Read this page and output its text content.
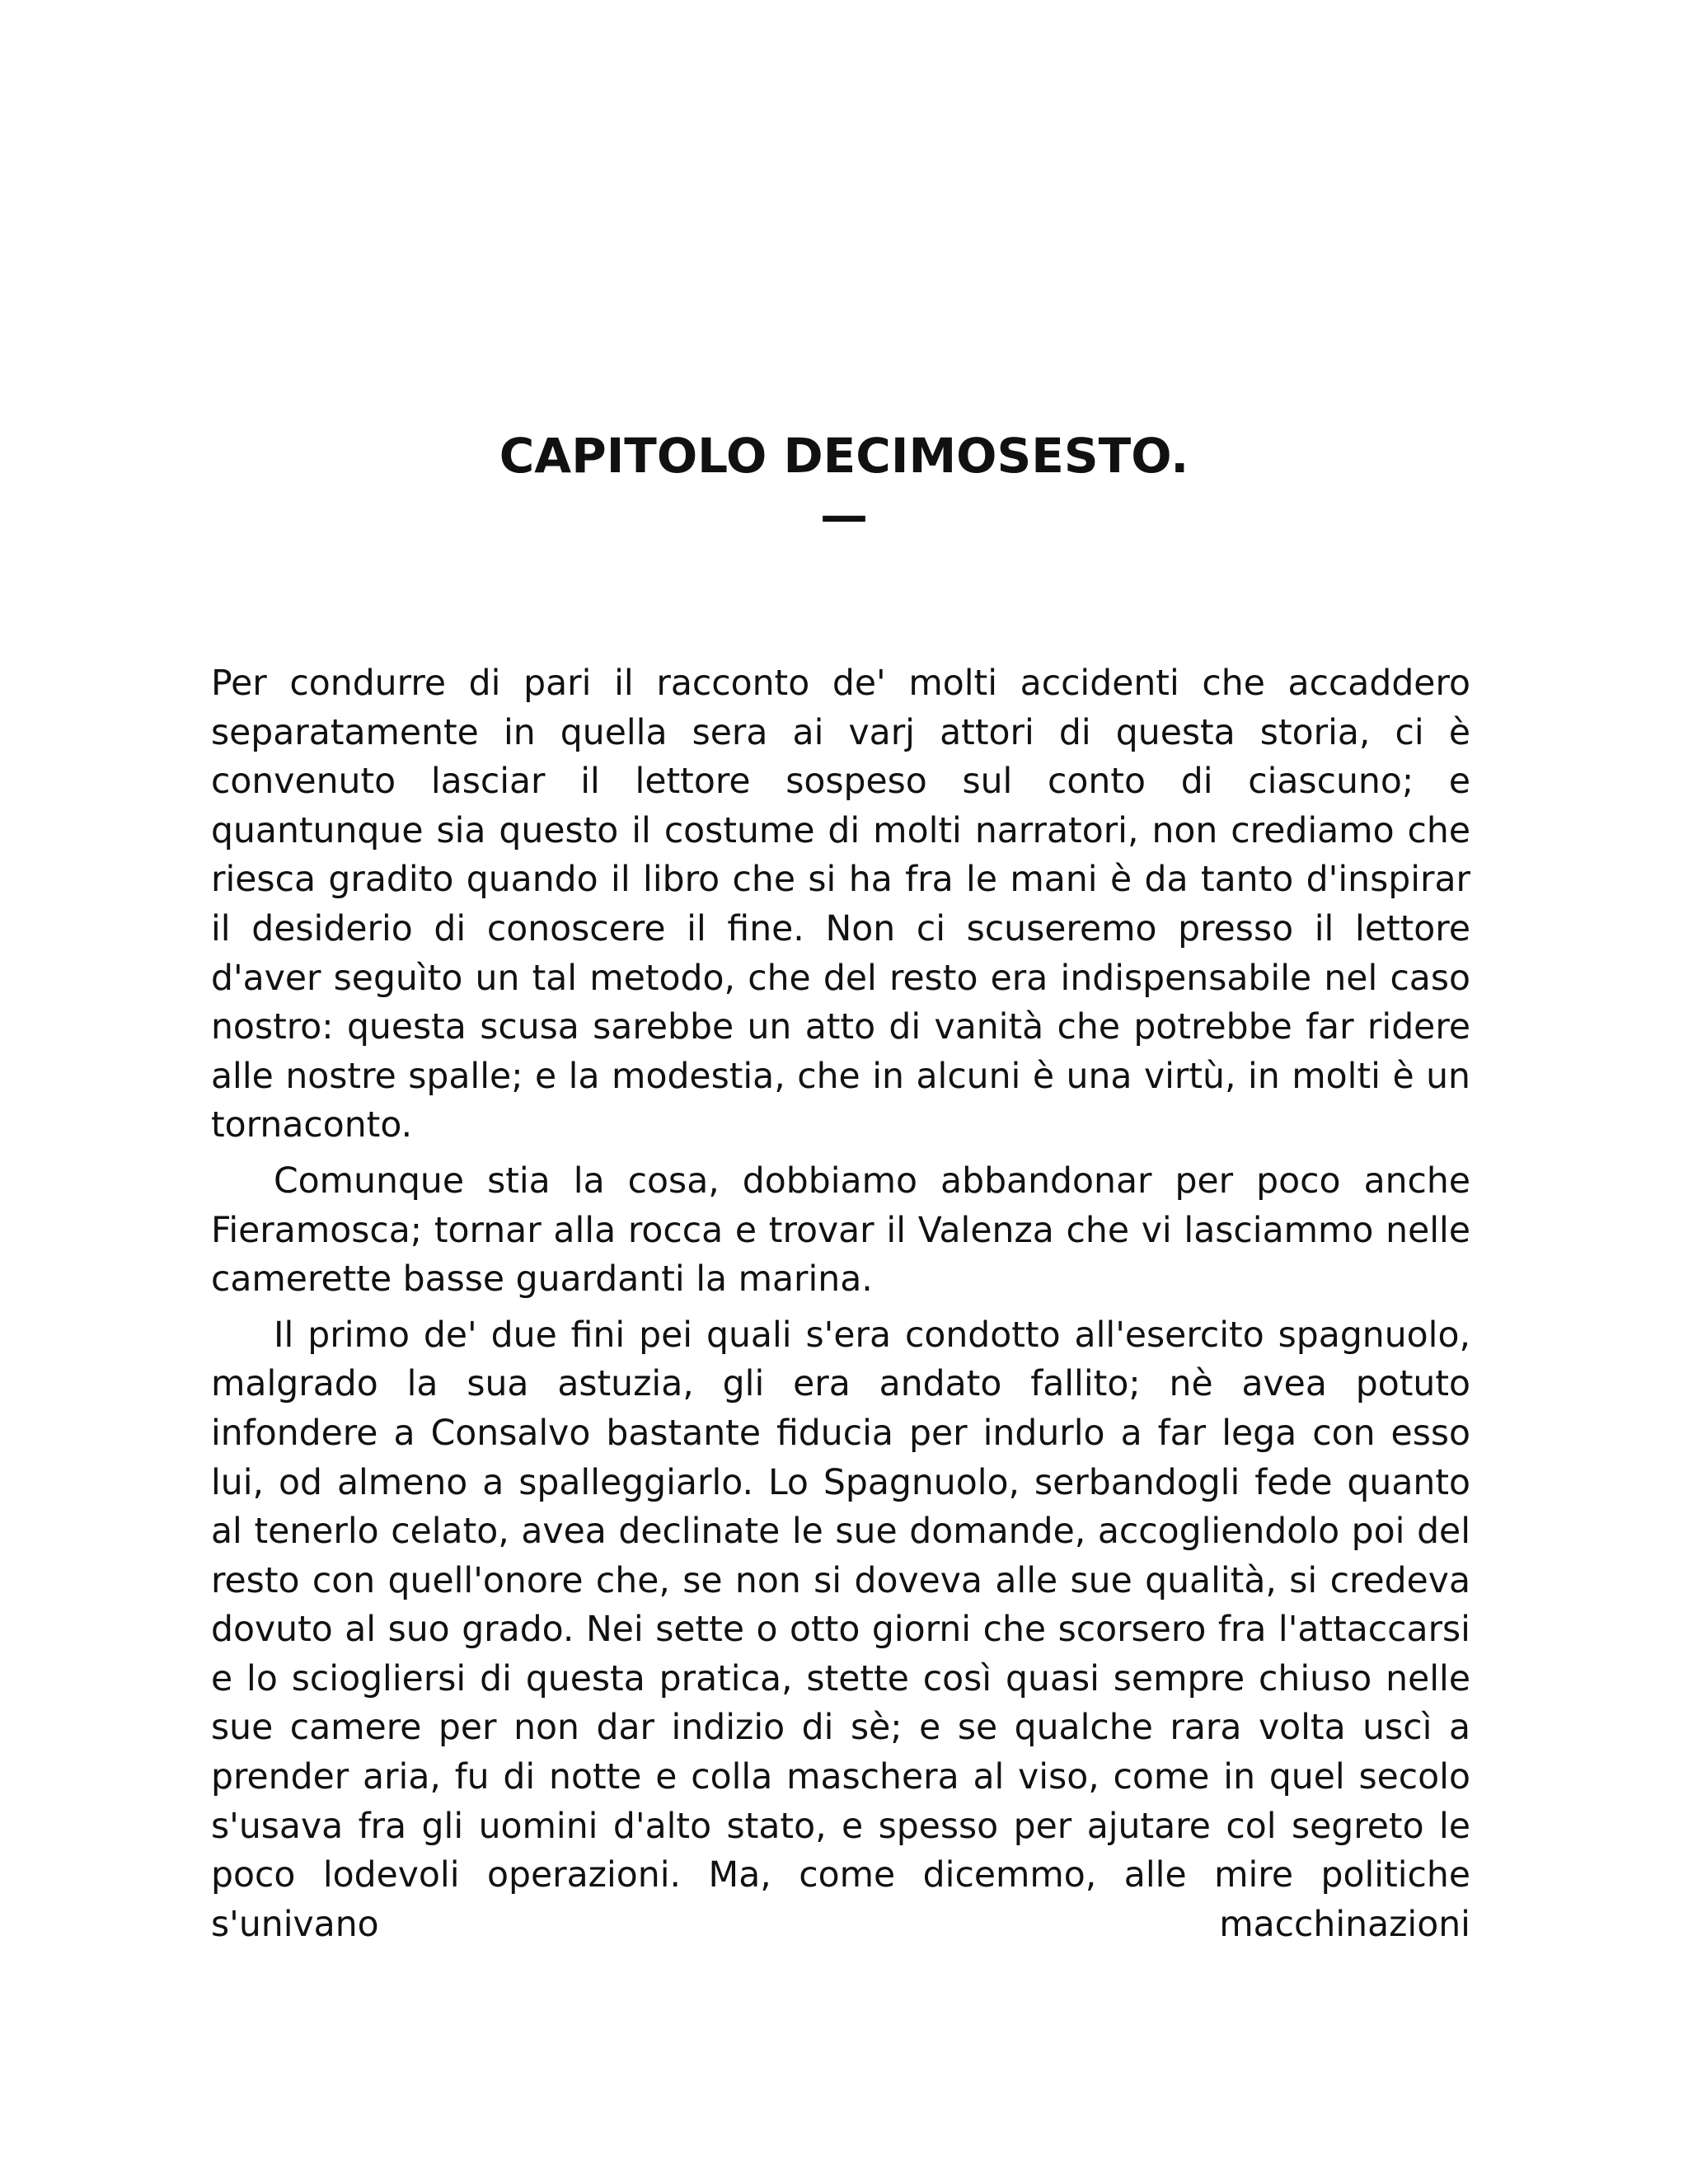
CAPITOLO DECIMOSESTO.
—

Per condurre di pari il racconto de' molti accidenti che accaddero separatamente in quella sera ai varj attori di questa storia, ci è convenuto lasciar il lettore sospeso sul conto di ciascuno; e quantunque sia questo il costume di molti narratori, non crediamo che riesca gradito quando il libro che si ha fra le mani è da tanto d'inspirar il desiderio di conoscere il fine. Non ci scuseremo presso il lettore d'aver seguìto un tal metodo, che del resto era indispensabile nel caso nostro: questa scusa sarebbe un atto di vanità che potrebbe far ridere alle nostre spalle; e la modestia, che in alcuni è una virtù, in molti è un tornaconto.

Comunque stia la cosa, dobbiamo abbandonar per poco anche Fieramosca; tornar alla rocca e trovar il Valenza che vi lasciammo nelle camerette basse guardanti la marina.

Il primo de' due fini pei quali s'era condotto all'esercito spagnuolo, malgrado la sua astuzia, gli era andato fallito; nè avea potuto infondere a Consalvo bastante fiducia per indurlo a far lega con esso lui, od almeno a spalleggiarlo. Lo Spagnuolo, serbandogli fede quanto al tenerlo celato, avea declinate le sue domande, accogliendolo poi del resto con quell'onore che, se non si doveva alle sue qualità, si credeva dovuto al suo grado. Nei sette o otto giorni che scorsero fra l'attaccarsi e lo sciogliersi di questa pratica, stette così quasi sempre chiuso nelle sue camere per non dar indizio di sè; e se qualche rara volta uscì a prender aria, fu di notte e colla maschera al viso, come in quel secolo s'usava fra gli uomini d'alto stato, e spesso per ajutare col segreto le poco lodevoli operazioni. Ma, come dicemmo, alle mire politiche s'univano macchinazioni
